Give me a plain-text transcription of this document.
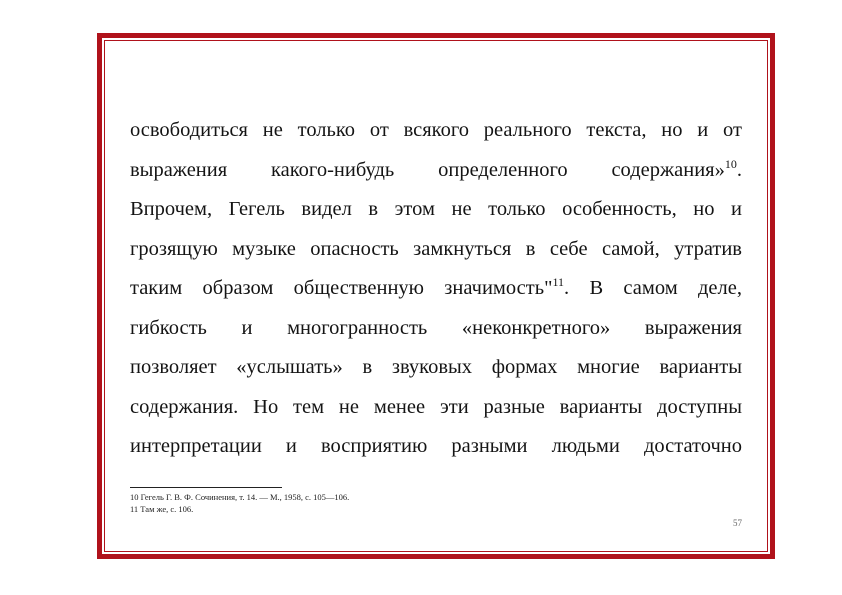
освободиться не только от всякого реального текста, но и от
выражения какого-нибудь определенного содержания»$^{10}$.
Впрочем, Гегель видел в этом не только особенность, но и
грозящую музыке опасность замкнуться в себе самой, утратив
таким образом общественную значимость"$^{11}$. В самом деле,
гибкость и многогранность «неконкретного» выражения
позволяет «услышать» в звуковых формах многие варианты
содержания. Но тем не менее эти разные варианты доступны
интерпретации и восприятию разными людьми достаточно
10 Гегель Г. В. Ф. Сочинения, т. 14. — М., 1958, с. 105—106.
11 Там же, с. 106.
57
